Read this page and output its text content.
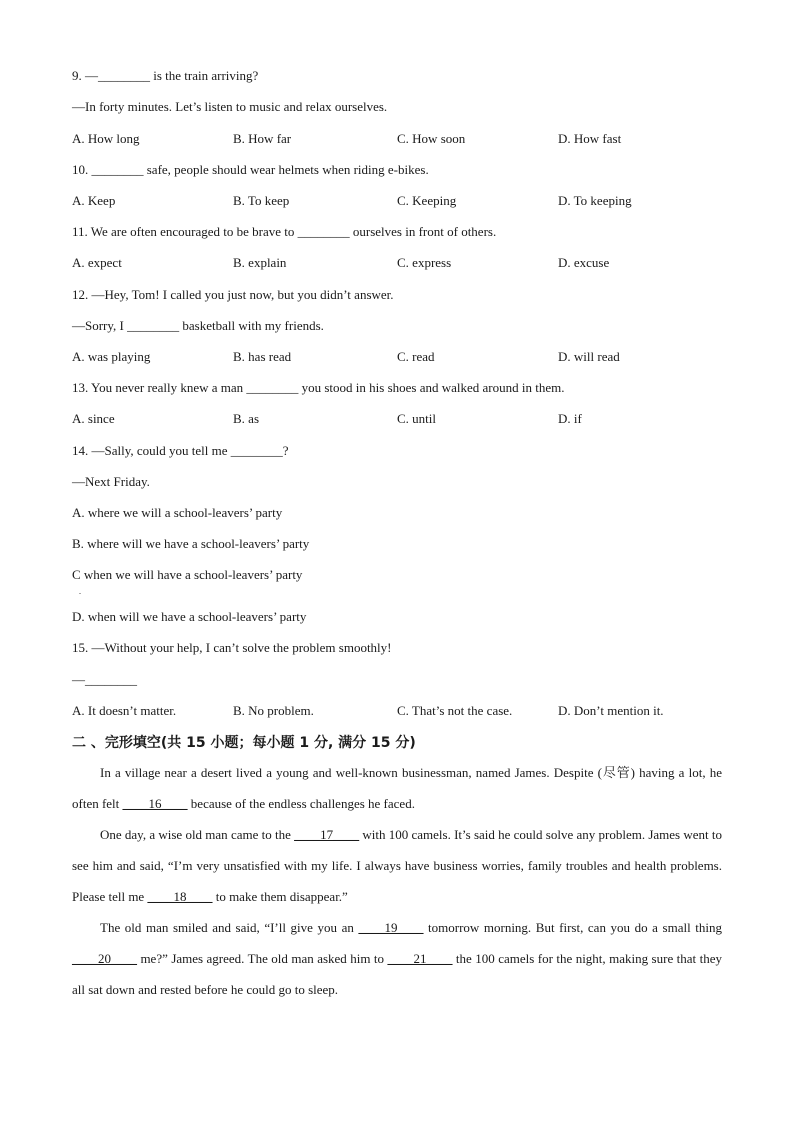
9. —________ is the train arriving?
—In forty minutes. Let’s listen to music and relax ourselves.
A. How long	B. How far	C. How soon	D. How fast
10. ________ safe, people should wear helmets when riding e-bikes.
A. Keep	B. To keep	C. Keeping	D. To keeping
11. We are often encouraged to be brave to ________ ourselves in front of others.
A. expect	B. explain	C. express	D. excuse
12. —Hey, Tom! I called you just now, but you didn’t answer.
—Sorry, I ________ basketball with my friends.
A. was playing	B. has read	C. read	D. will read
13. You never really knew a man ________ you stood in his shoes and walked around in them.
A. since	B. as	C. until	D. if
14. —Sally, could you tell me ________?
—Next Friday.
A. where we will a school-leavers’ party
B. where will we have a school-leavers’ party
C when we will have a school-leavers’ party
.
D. when will we have a school-leavers’ party
15. —Without your help, I can’t solve the problem smoothly!
—________
A. It doesn’t matter.	B. No problem.	C. That’s not the case.	D. Don’t mention it.
二 、完形填空(共 15 小题；每小题 1 分, 满分 15 分)

In a village near a desert lived a young and well-known businessman, named James. Despite (尽管) having a lot, he often felt ____16____ because of the endless challenges he faced.

One day, a wise old man came to the ____17____ with 100 camels. It’s said he could solve any problem. James went to see him and said, “I’m very unsatisfied with my life. I always have business worries, family troubles and health problems. Please tell me ____18____ to make them disappear.”

The old man smiled and said, “I’ll give you an ____19____ tomorrow morning. But first, can you do a small thing ____20____ me?” James agreed. The old man asked him to ____21____ the 100 camels for the night, making sure that they all sat down and rested before he could go to sleep.
